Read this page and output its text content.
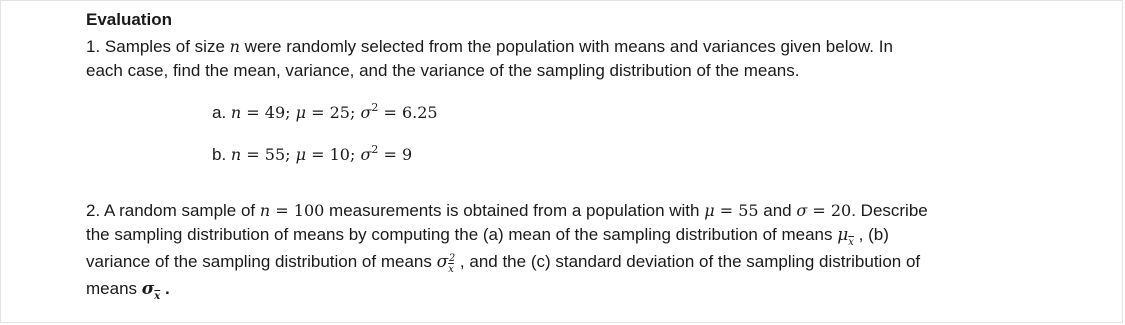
Evaluation
1. Samples of size n were randomly selected from the population with means and variances given below. In
each case, find the mean, variance, and the variance of the sampling distribution of the means.
a. n = 49; μ = 25; $\sigma^2 = 6.25$
b. n = 55; μ = 10; $\sigma^2 = 9$
2. A random sample of n = 100 measurements is obtained from a population with μ = 55 and σ = 20. Describe
the sampling distribution of means by computing the (a) mean of the sampling distribution of means $\mu_{\overline{x}}$ , (b)
variance of the sampling distribution of means $\sigma_{\overline{x}}^2$ , and the (c) standard deviation of the sampling distribution of
means $\sigma_{\overline{x}}$ .
